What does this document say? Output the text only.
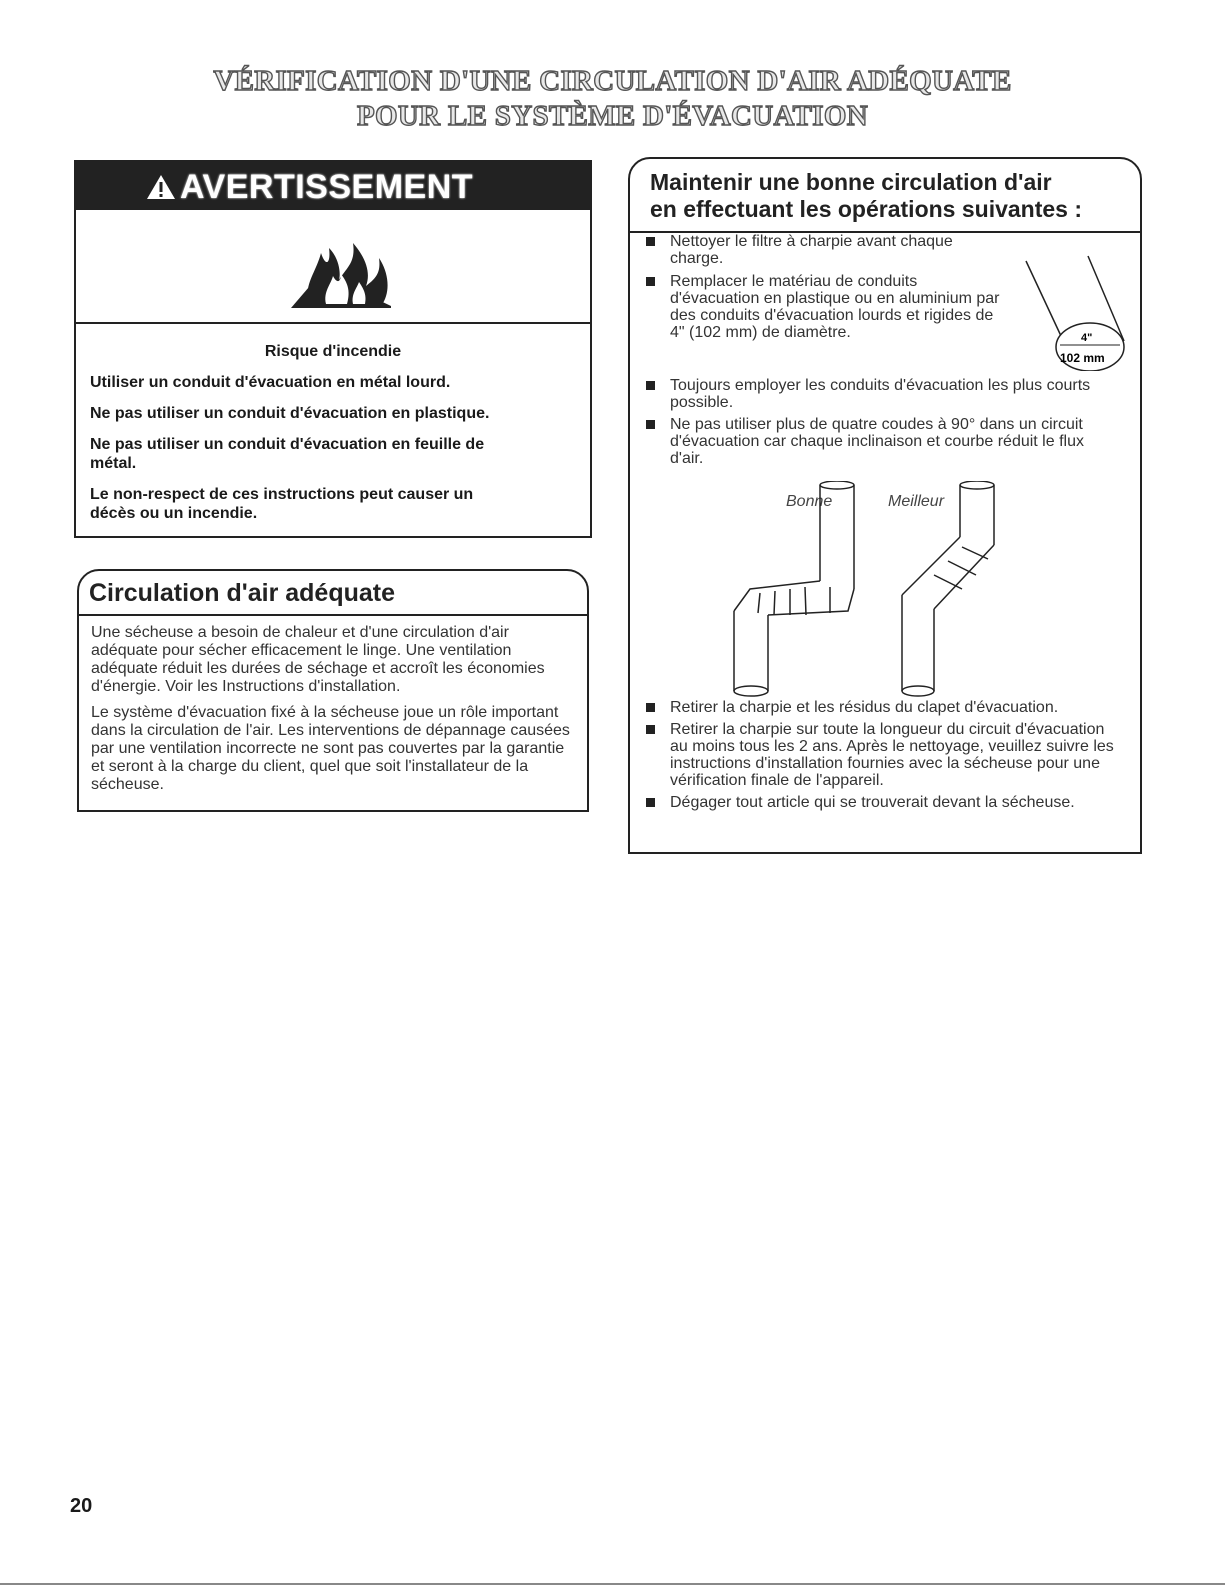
VÉRIFICATION D'UNE CIRCULATION D'AIR ADÉQUATE
POUR LE SYSTÈME D'ÉVACUATION
AVERTISSEMENT
Risque d'incendie
Utiliser un conduit d'évacuation en métal lourd.
Ne pas utiliser un conduit d'évacuation en plastique.
Ne pas utiliser un conduit d'évacuation en feuille de métal.
Le non-respect de ces instructions peut causer un décès ou un incendie.
Circulation d'air adéquate

Une sécheuse a besoin de chaleur et d'une circulation d'air adéquate pour sécher efficacement le linge. Une ventilation adéquate réduit les durées de séchage et accroît les économies d'énergie. Voir les Instructions d'installation.

Le système d'évacuation fixé à la sécheuse joue un rôle important dans la circulation de l'air. Les interventions de dépannage causées par une ventilation incorrecte ne sont pas couvertes par la garantie et seront à la charge du client, quel que soit l'installateur de la sécheuse.

Maintenir une bonne circulation d'air
en effectuant les opérations suivantes :
Nettoyer le filtre à charpie avant chaque charge.
Remplacer le matériau de conduits d'évacuation en plastique ou en aluminium par des conduits d'évacuation lourds et rigides de 4" (102 mm) de diamètre.	4"
102 mm
Toujours employer les conduits d'évacuation les plus courts possible.
Ne pas utiliser plus de quatre coudes à 90° dans un circuit d'évacuation car chaque inclinaison et courbe réduit le flux d'air.
Bonne	Meilleur
Retirer la charpie et les résidus du clapet d'évacuation.
Retirer la charpie sur toute la longueur du circuit d'évacuation au moins tous les 2 ans. Après le nettoyage, veuillez suivre les instructions d'installation fournies avec la sécheuse pour une vérification finale de l'appareil.
Dégager tout article qui se trouverait devant la sécheuse.
20
